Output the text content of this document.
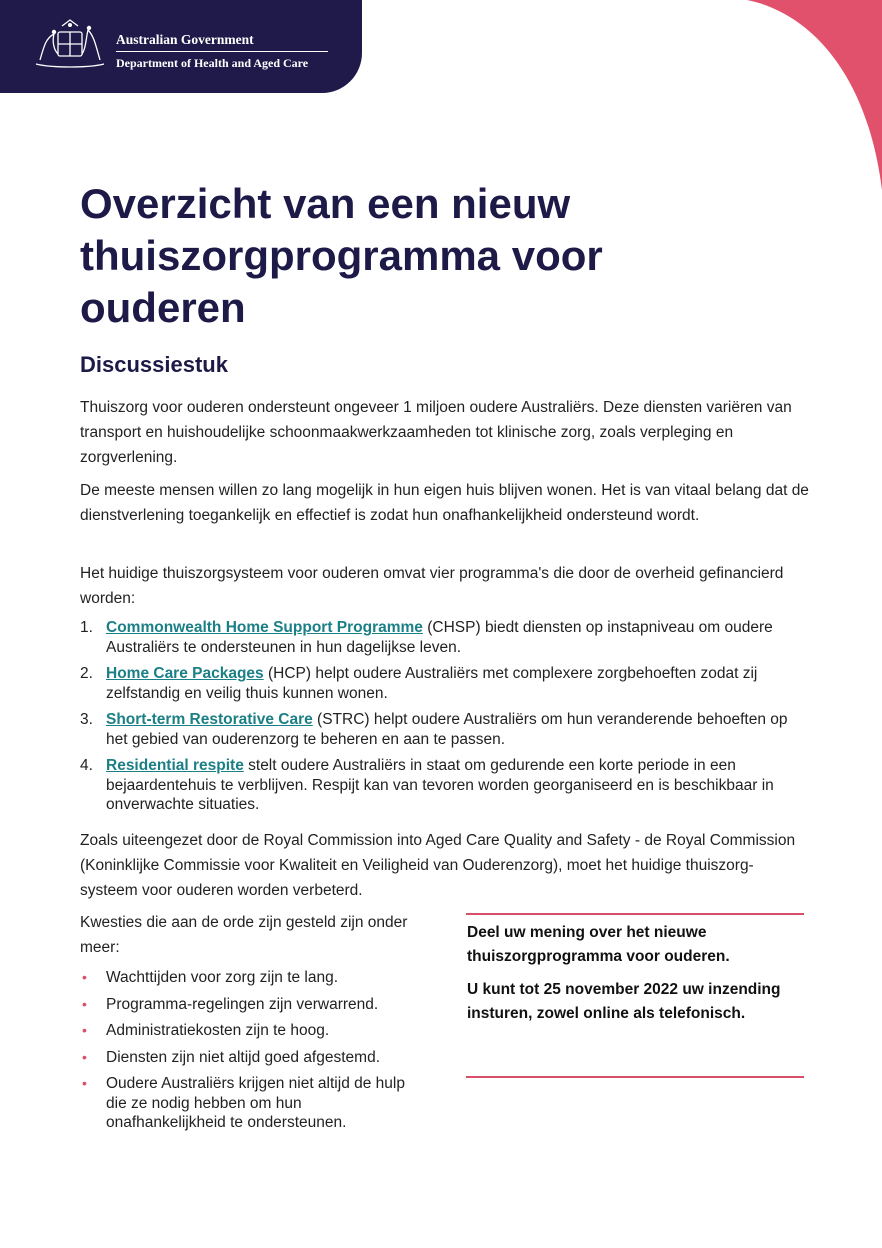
Australian Government
Department of Health and Aged Care
Overzicht van een nieuw thuiszorgprogramma voor ouderen
Discussiestuk

Thuiszorg voor ouderen ondersteunt ongeveer 1 miljoen oudere Australiërs. Deze diensten variëren van transport en huishoudelijke schoonmaakwerkzaamheden tot klinische zorg, zoals verpleging en zorgverlening.

De meeste mensen willen zo lang mogelijk in hun eigen huis blijven wonen. Het is van vitaal belang dat de dienstverlening toegankelijk en effectief is zodat hun onafhankelijkheid ondersteund wordt.

Het huidige thuiszorgsysteem voor ouderen omvat vier programma's die door de overheid gefinancierd worden:

1. Commonwealth Home Support Programme (CHSP) biedt diensten op instapniveau om oudere Australiërs te ondersteunen in hun dagelijkse leven.
2. Home Care Packages (HCP) helpt oudere Australiërs met complexere zorgbehoeften zodat zij zelfstandig en veilig thuis kunnen wonen.
3. Short-term Restorative Care (STRC) helpt oudere Australiërs om hun veranderende behoeften op het gebied van ouderenzorg te beheren en aan te passen.
4. Residential respite stelt oudere Australiërs in staat om gedurende een korte periode in een bejaardentehuis te verblijven. Respijt kan van tevoren worden georganiseerd en is beschikbaar in onverwachte situaties.

Zoals uiteengezet door de Royal Commission into Aged Care Quality and Safety - de Royal Commission (Koninklijke Commissie voor Kwaliteit en Veiligheid van Ouderenzorg), moet het huidige thuiszorg-systeem voor ouderen worden verbeterd.

Kwesties die aan de orde zijn gesteld zijn onder meer:

• Wachttijden voor zorg zijn te lang.
• Programma-regelingen zijn verwarrend.
• Administratiekosten zijn te hoog.
• Diensten zijn niet altijd goed afgestemd.
• Oudere Australiërs krijgen niet altijd de hulp die ze nodig hebben om hun onafhankelijkheid te ondersteunen.

Deel uw mening over het nieuwe thuiszorgprogramma voor ouderen.

U kunt tot 25 november 2022 uw inzending insturen, zowel online als telefonisch.
